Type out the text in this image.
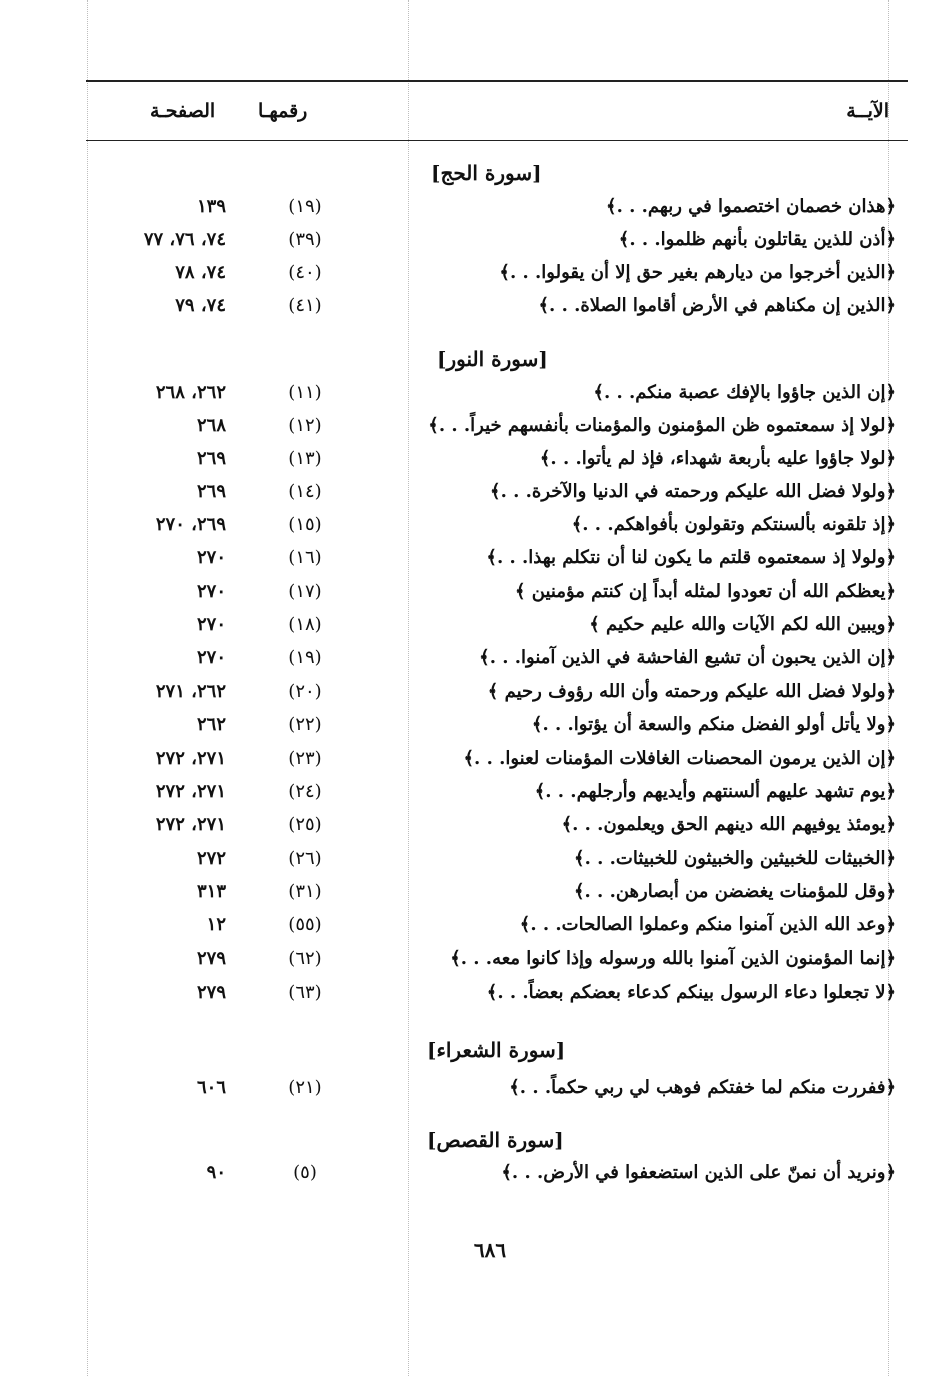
الآيــة
رقمهـا
الصفحـة
[سورة الحج]
﴿هذان خصمان اختصموا في ربهم. . .﴾
(١٩)
١٣٩
﴿أذن للذين يقاتلون بأنهم ظلموا. . .﴾
(٣٩)
٧٤، ٧٦، ٧٧
﴿الذين أخرجوا من ديارهم بغير حق إلا أن يقولوا. . .﴾
(٤٠)
٧٤، ٧٨
﴿الذين إن مكناهم في الأرض أقاموا الصلاة. . .﴾
(٤١)
٧٤، ٧٩
[سورة النور]
﴿إن الذين جاؤوا بالإفك عصبة منكم. . .﴾
(١١)
٢٦٢، ٢٦٨
﴿لولا إذ سمعتموه ظن المؤمنون والمؤمنات بأنفسهم خيراً. . .﴾
(١٢)
٢٦٨
﴿لولا جاؤوا عليه بأربعة شهداء، فإذ لم يأتوا. . .﴾
(١٣)
٢٦٩
﴿ولولا فضل الله عليكم ورحمته في الدنيا والآخرة. . .﴾
(١٤)
٢٦٩
﴿إذ تلقونه بألسنتكم وتقولون بأفواهكم. . .﴾
(١٥)
٢٦٩، ٢٧٠
﴿ولولا إذ سمعتموه قلتم ما يكون لنا أن نتكلم بهذا. . .﴾
(١٦)
٢٧٠
﴿يعظكم الله أن تعودوا لمثله أبداً إن كنتم مؤمنين ﴾
(١٧)
٢٧٠
﴿ويبين الله لكم الآيات والله عليم حكيم ﴾
(١٨)
٢٧٠
﴿إن الذين يحبون أن تشيع الفاحشة في الذين آمنوا. . .﴾
(١٩)
٢٧٠
﴿ولولا فضل الله عليكم ورحمته وأن الله رؤوف رحيم ﴾
(٢٠)
٢٦٢، ٢٧١
﴿ولا يأتل أولو الفضل منكم والسعة أن يؤتوا. . .﴾
(٢٢)
٢٦٢
﴿إن الذين يرمون المحصنات الغافلات المؤمنات لعنوا. . .﴾
(٢٣)
٢٧١، ٢٧٢
﴿يوم تشهد عليهم ألسنتهم وأيديهم وأرجلهم. . .﴾
(٢٤)
٢٧١، ٢٧٢
﴿يومئذ يوفيهم الله دينهم الحق ويعلمون. . .﴾
(٢٥)
٢٧١، ٢٧٢
﴿الخبيثات للخبيثين والخبيثون للخبيثات. . .﴾
(٢٦)
٢٧٢
﴿وقل للمؤمنات يغضضن من أبصارهن. . .﴾
(٣١)
٣١٣
﴿وعد الله الذين آمنوا منكم وعملوا الصالحات. . .﴾
(٥٥)
١٢
﴿إنما المؤمنون الذين آمنوا بالله ورسوله وإذا كانوا معه. . .﴾
(٦٢)
٢٧٩
﴿لا تجعلوا دعاء الرسول بينكم كدعاء بعضكم بعضاً. . .﴾
(٦٣)
٢٧٩
[سورة الشعراء]
﴿ففررت منكم لما خفتكم فوهب لي ربي حكماً. . .﴾
(٢١)
٦٠٦
[سورة القصص]
﴿ونريد أن نمنّ على الذين استضعفوا في الأرض. . .﴾
(٥)
٩٠
٦٨٦
